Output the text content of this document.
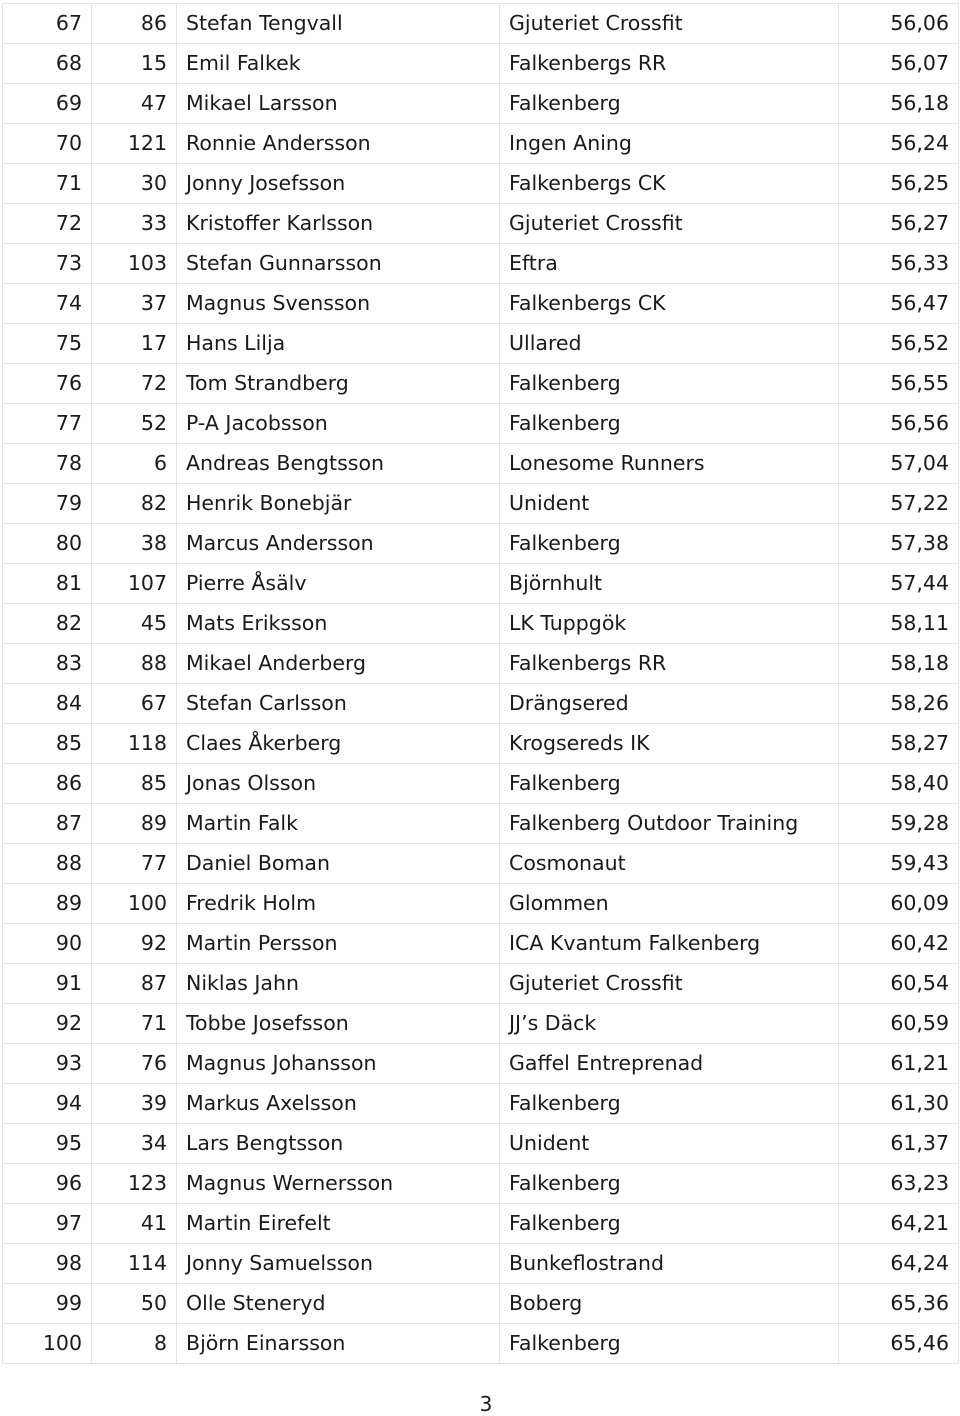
67	86	Stefan Tengvall	Gjuteriet Crossfit	56,06
68	15	Emil Falkek	Falkenbergs RR	56,07
69	47	Mikael Larsson	Falkenberg	56,18
70	121	Ronnie Andersson	Ingen Aning	56,24
71	30	Jonny Josefsson	Falkenbergs CK	56,25
72	33	Kristoffer Karlsson	Gjuteriet Crossfit	56,27
73	103	Stefan Gunnarsson	Eftra	56,33
74	37	Magnus Svensson	Falkenbergs CK	56,47
75	17	Hans Lilja	Ullared	56,52
76	72	Tom Strandberg	Falkenberg	56,55
77	52	P-A Jacobsson	Falkenberg	56,56
78	6	Andreas Bengtsson	Lonesome Runners	57,04
79	82	Henrik Bonebjär	Unident	57,22
80	38	Marcus Andersson	Falkenberg	57,38
81	107	Pierre Åsälv	Björnhult	57,44
82	45	Mats Eriksson	LK Tuppgök	58,11
83	88	Mikael Anderberg	Falkenbergs RR	58,18
84	67	Stefan Carlsson	Drängsered	58,26
85	118	Claes Åkerberg	Krogsereds IK	58,27
86	85	Jonas Olsson	Falkenberg	58,40
87	89	Martin Falk	Falkenberg Outdoor Training	59,28
88	77	Daniel Boman	Cosmonaut	59,43
89	100	Fredrik Holm	Glommen	60,09
90	92	Martin Persson	ICA Kvantum Falkenberg	60,42
91	87	Niklas Jahn	Gjuteriet Crossfit	60,54
92	71	Tobbe Josefsson	JJ’s Däck	60,59
93	76	Magnus Johansson	Gaffel Entreprenad	61,21
94	39	Markus Axelsson	Falkenberg	61,30
95	34	Lars Bengtsson	Unident	61,37
96	123	Magnus Wernersson	Falkenberg	63,23
97	41	Martin Eirefelt	Falkenberg	64,21
98	114	Jonny Samuelsson	Bunkeflostrand	64,24
99	50	Olle Steneryd	Boberg	65,36
100	8	Björn Einarsson	Falkenberg	65,46
3
